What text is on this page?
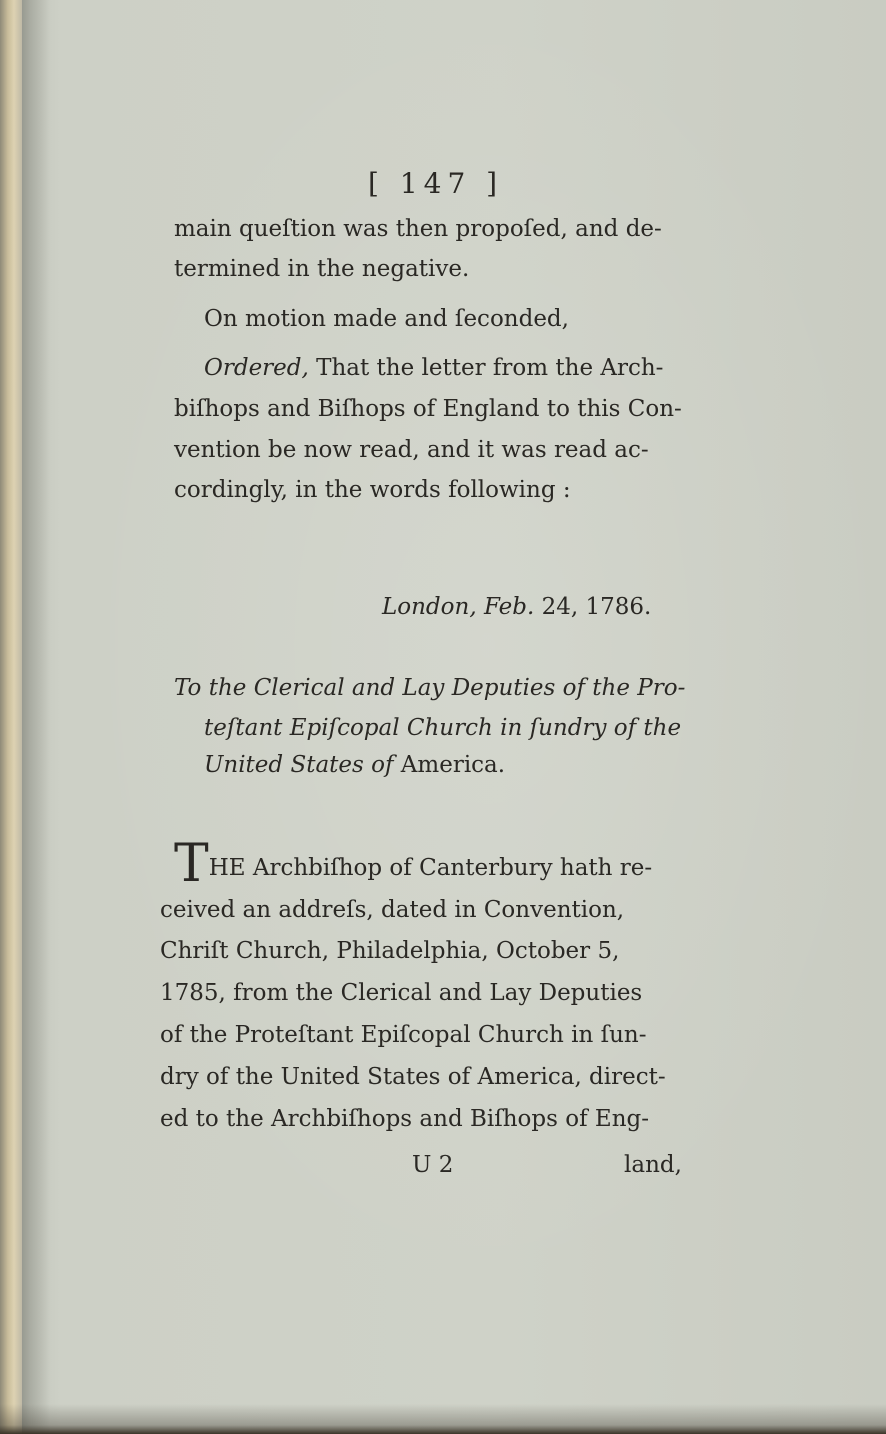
[ 147 ]

main queſtion was then propoſed, and de-

termined in the negative.

On motion made and ſeconded,

Ordered, That the letter from the Arch-

biſhops and Biſhops of England to this Con-

vention be now read, and it was read ac-

cordingly, in the words following :

London, Feb. 24, 1786.

To the Clerical and Lay Deputies of the Pro-

teſtant Epiſcopal Church in ſundry of the

United States of America.

THE Archbiſhop of Canterbury hath re-

ceived an addreſs, dated in Convention,

Chriſt Church, Philadelphia, October 5,

1785, from the Clerical and Lay Deputies

of the Proteſtant Epiſcopal Church in ſun-

dry of the United States of America, direct-

ed to the Archbiſhops and Biſhops of Eng-

U 2	land,
